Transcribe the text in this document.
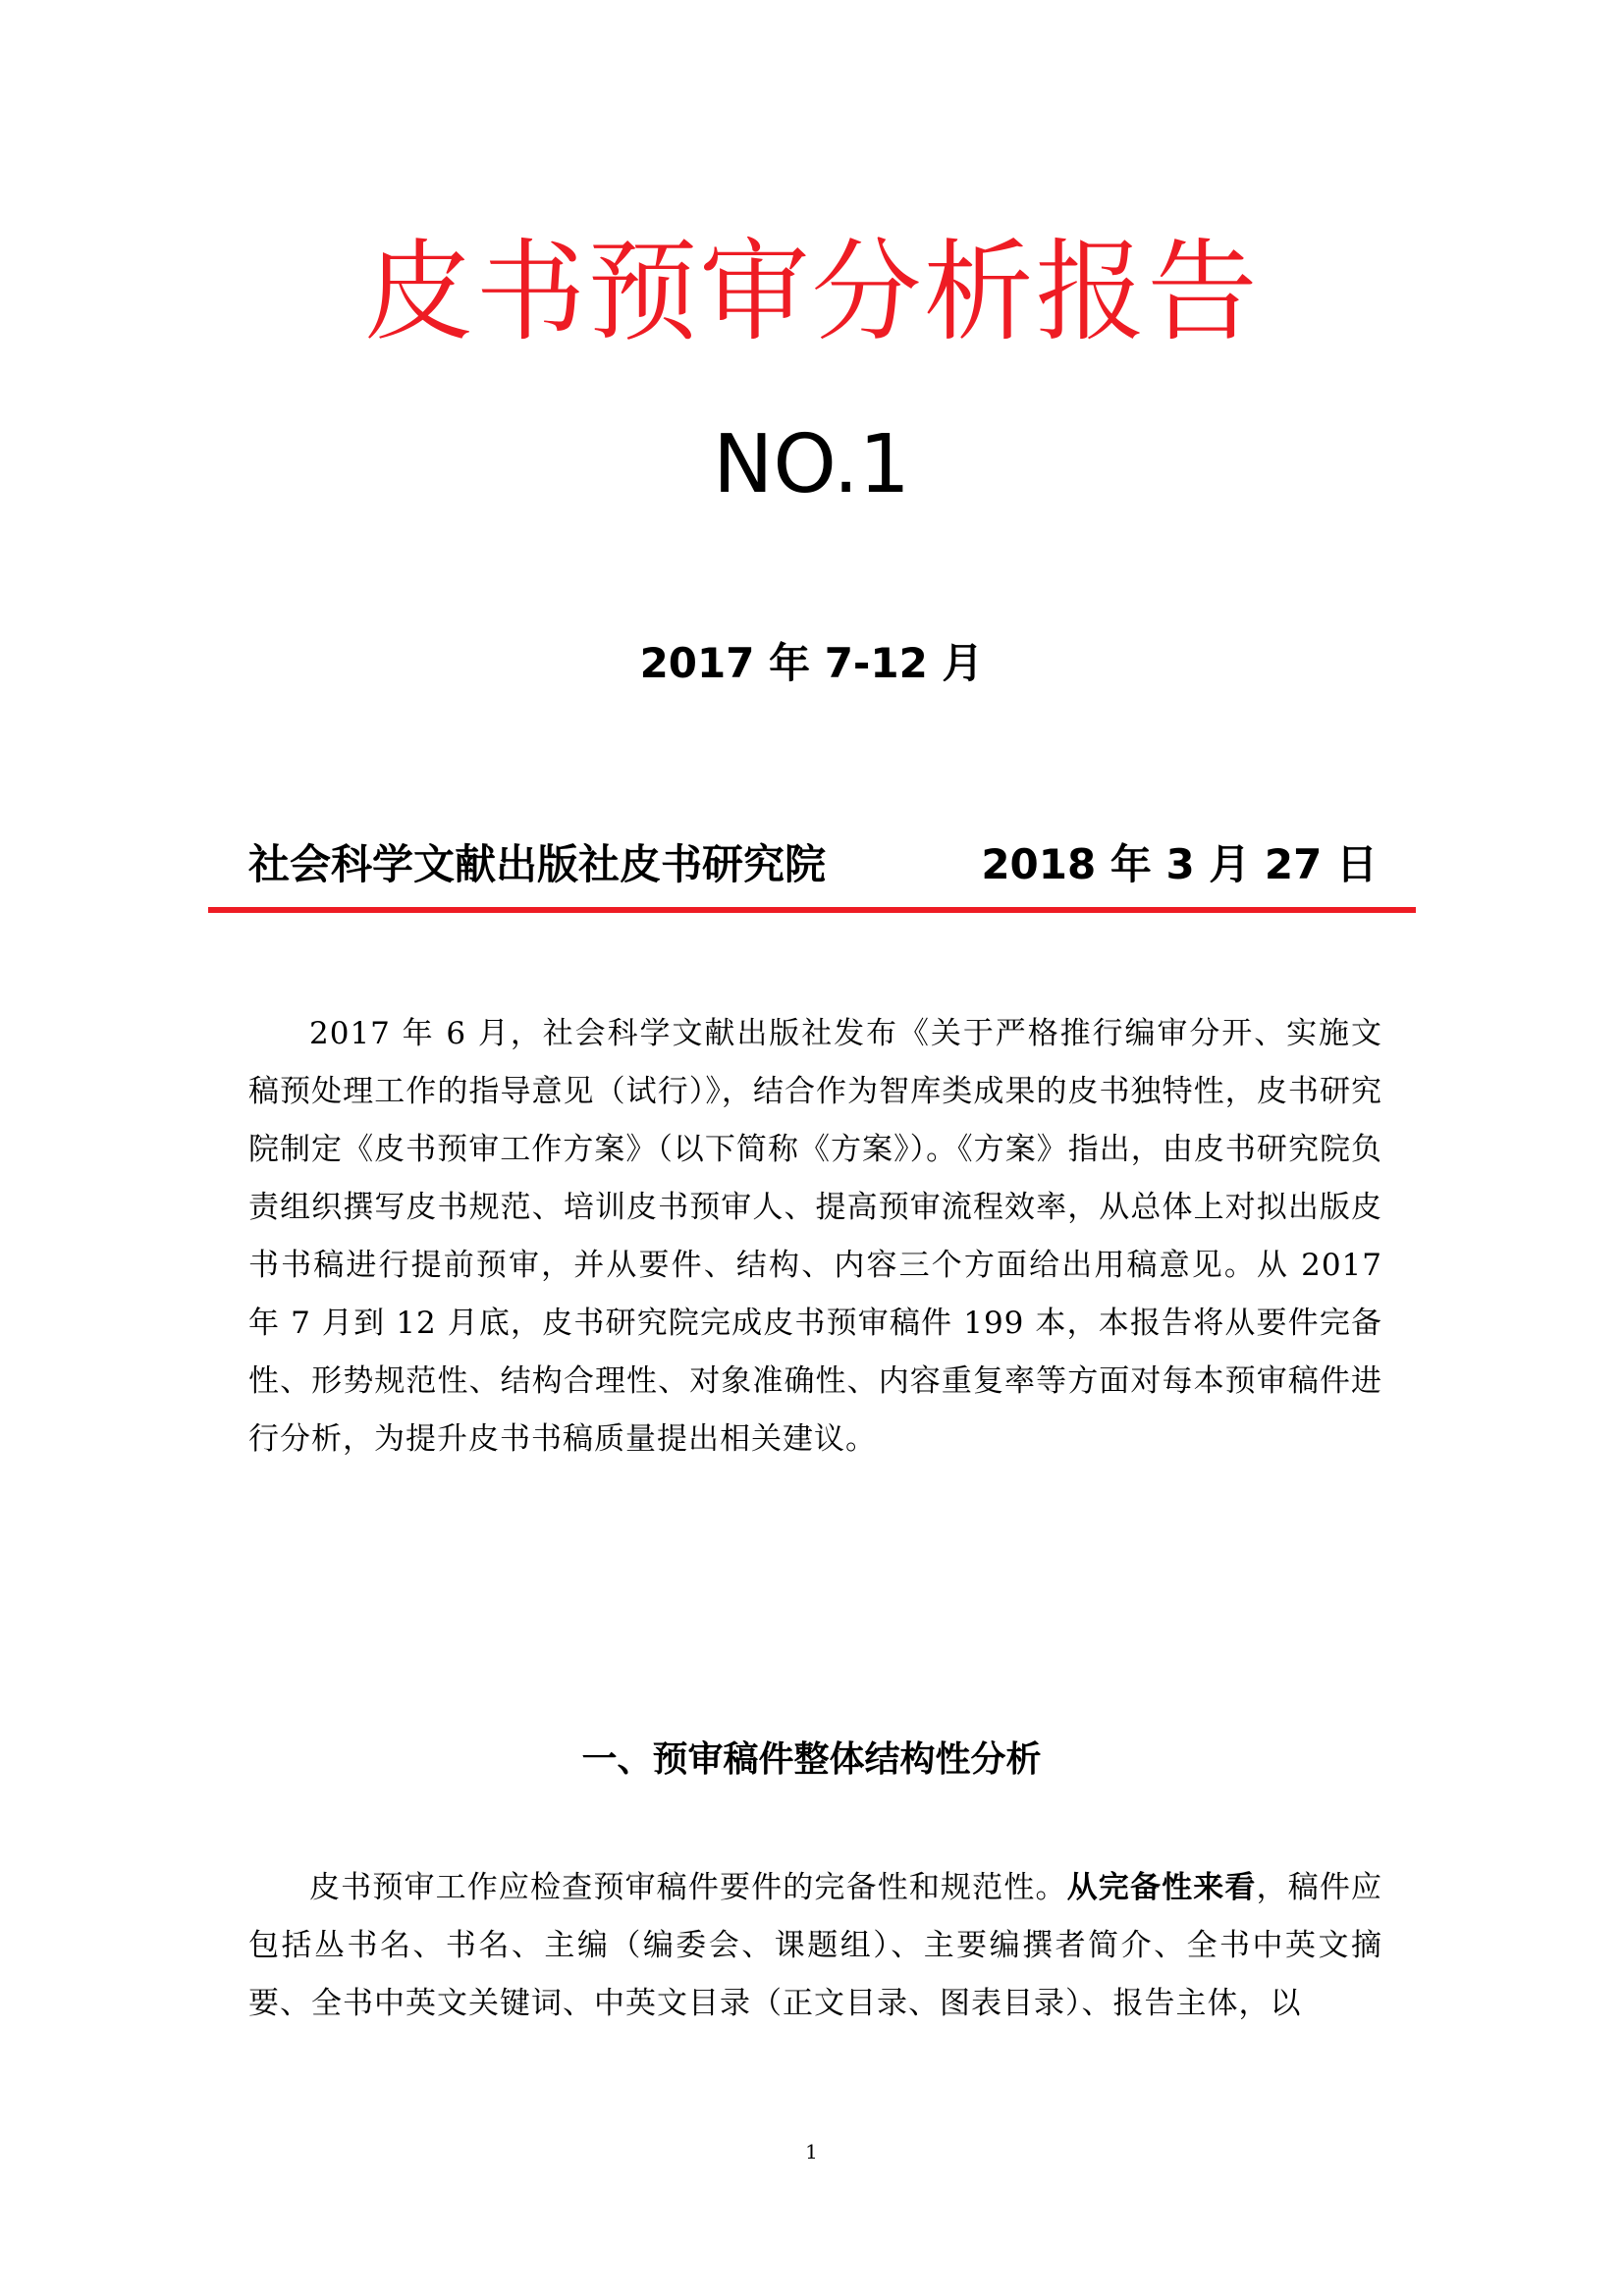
皮书预审分析报告
NO.1
2017 年 7-12 月
社会科学文献出版社皮书研究院	2018 年 3 月 27 日

2017 年 6 月，社会科学文献出版社发布《关于严格推行编审分开、实施文稿预处理工作的指导意见（试行）》，结合作为智库类成果的皮书独特性，皮书研究院制定《皮书预审工作方案》（以下简称《方案》）。《方案》指出，由皮书研究院负责组织撰写皮书规范、培训皮书预审人、提高预审流程效率，从总体上对拟出版皮书书稿进行提前预审，并从要件、结构、内容三个方面给出用稿意见。从 2017 年 7 月到 12 月底，皮书研究院完成皮书预审稿件 199 本，本报告将从要件完备性、形势规范性、结构合理性、对象准确性、内容重复率等方面对每本预审稿件进行分析，为提升皮书书稿质量提出相关建议。

一、预审稿件整体结构性分析

皮书预审工作应检查预审稿件要件的完备性和规范性。从完备性来看，稿件应包括丛书名、书名、主编（编委会、课题组）、主要编撰者简介、全书中英文摘要、全书中英文关键词、中英文目录（正文目录、图表目录）、报告主体，以

1
